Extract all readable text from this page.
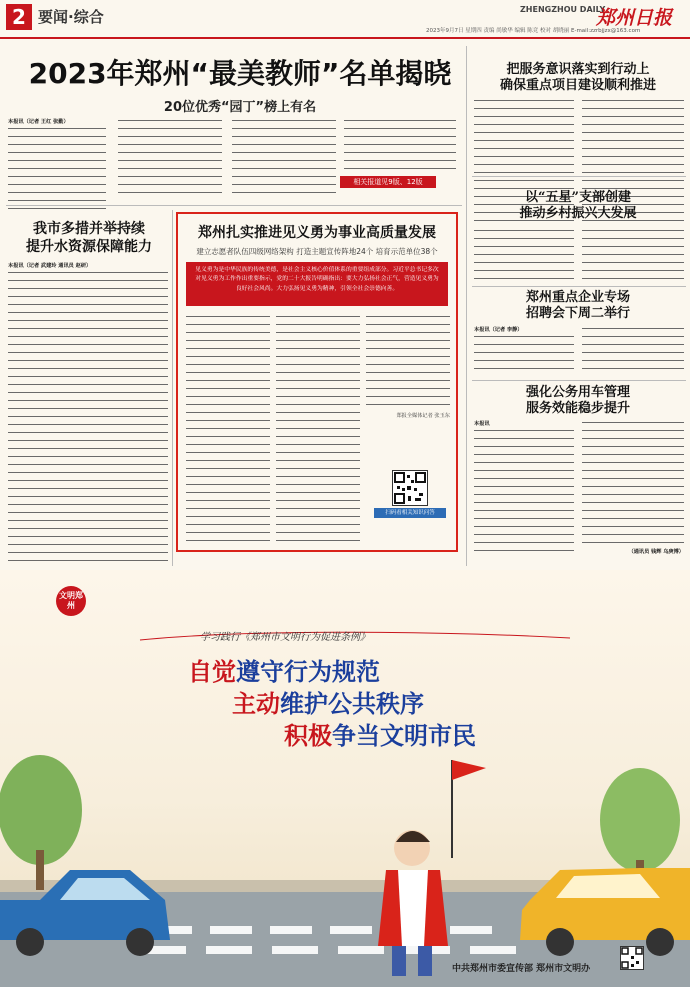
2 要闻·综合	ZHENGZHOU DAILY
郑州日报
2023年9月7日 星期四 责编 尚敏华 编辑 陈竞 校对 胡晓丽 E-mail:zzrbjjzx@163.com
2023年郑州“最美教师”名单揭晓
20位优秀“园丁”榜上有名
本报讯（记者 王红 张勤）
相关报道见9版、12版
我市多措并举持续
提升水资源保障能力
本报讯（记者 武建玲 通讯员 赵研）
郑州扎实推进见义勇为事业高质量发展
建立志愿者队伍四级网络架构 打造主题宣传阵地24个 培育示范单位38个
见义勇为是中华民族的传统美德，是社会主义核心价值体系的重要组成部分。习近平总书记多次对见义勇为工作作出重要指示，党的二十大报告明确指出：要大力弘扬社会正气，营造见义勇为良好社会风尚。大力弘扬见义勇为精神，引领全社会崇德向善。
郑报全媒体记者 张玉东
扫码看相关知识问答
把服务意识落实到行动上
确保重点项目建设顺利推进
以“五星”支部创建
推动乡村振兴大发展
郑州重点企业专场
招聘会下周二举行
本报讯（记者 李静）
强化公务用车管理
服务效能稳步提升
本报讯
（通讯员 钱辉 乌庚博）
文明郑州
学习践行《郑州市文明行为促进条例》
自觉遵守行为规范
主动维护公共秩序
积极争当文明市民
中共郑州市委宣传部 郑州市文明办
